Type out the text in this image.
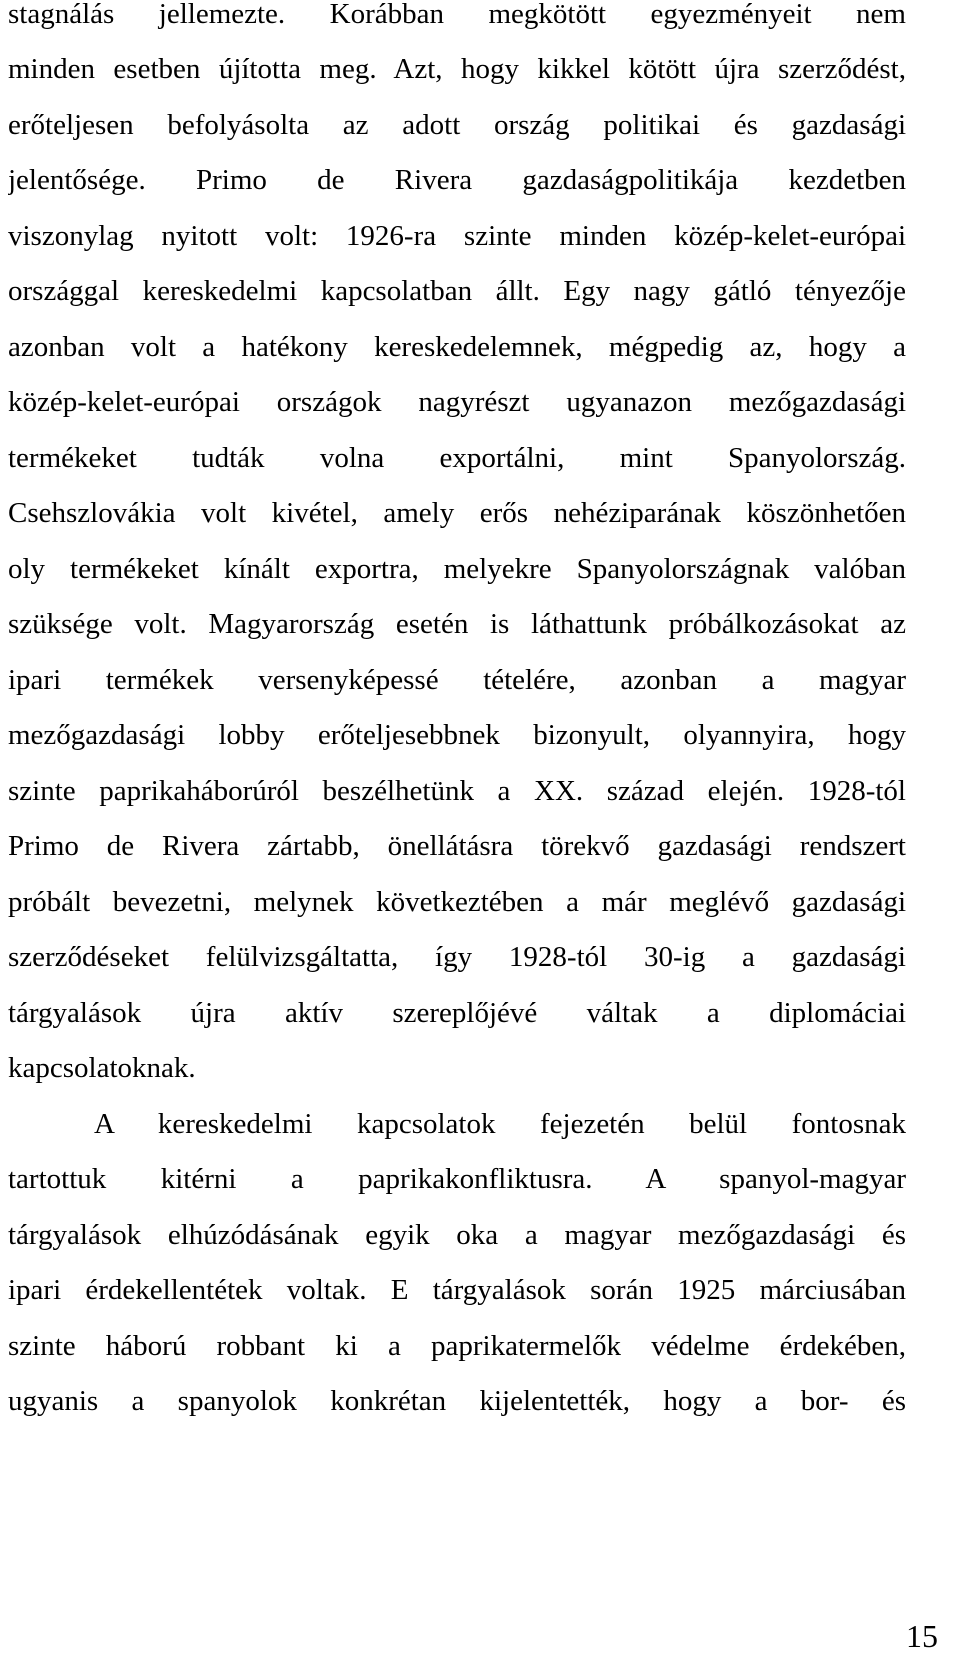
stagnálás jellemezte. Korábban megkötött egyezményeit nem
minden esetben újította meg. Azt, hogy kikkel kötött újra szerződést,
erőteljesen befolyásolta az adott ország politikai és gazdasági
jelentősége. Primo de Rivera gazdaságpolitikája kezdetben
viszonylag nyitott volt: 1926-ra szinte minden közép-kelet-európai
országgal kereskedelmi kapcsolatban állt. Egy nagy gátló tényezője
azonban volt a hatékony kereskedelemnek, mégpedig az, hogy a
közép-kelet-európai országok nagyrészt ugyanazon mezőgazdasági
termékeket tudták volna exportálni, mint Spanyolország.
Csehszlovákia volt kivétel, amely erős nehéziparának köszönhetően
oly termékeket kínált exportra, melyekre Spanyolországnak valóban
szüksége volt. Magyarország esetén is láthattunk próbálkozásokat az
ipari termékek versenyképessé tételére, azonban a magyar
mezőgazdasági lobby erőteljesebbnek bizonyult, olyannyira, hogy
szinte paprikaháborúról beszélhetünk a XX. század elején. 1928-tól
Primo de Rivera zártabb, önellátásra törekvő gazdasági rendszert
próbált bevezetni, melynek következtében a már meglévő gazdasági
szerződéseket felülvizsgáltatta, így 1928-tól 30-ig a gazdasági
tárgyalások újra aktív szereplőjévé váltak a diplomáciai
kapcsolatoknak.
A kereskedelmi kapcsolatok fejezetén belül fontosnak
tartottuk kitérni a paprikakonfliktusra. A spanyol-magyar
tárgyalások elhúzódásának egyik oka a magyar mezőgazdasági és
ipari érdekellentétek voltak. E tárgyalások során 1925 márciusában
szinte háború robbant ki a paprikatermelők védelme érdekében,
ugyanis a spanyolok konkrétan kijelentették, hogy a bor- és
15
